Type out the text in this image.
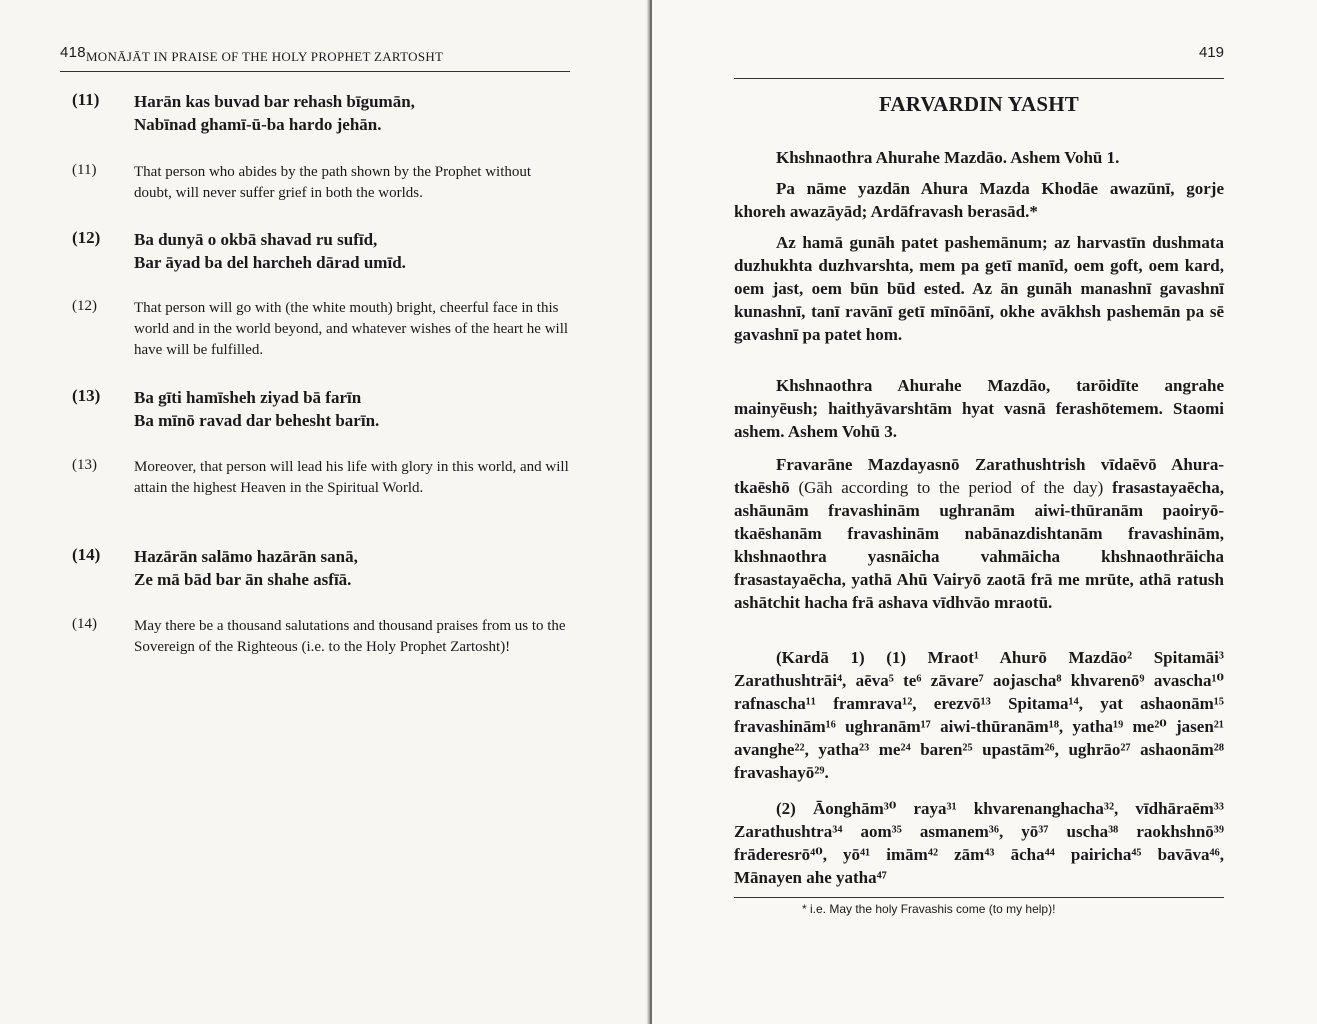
418MONĀJĀT IN PRAISE OF THE HOLY PROPHET ZARTOSHT
(11) Harān kas buvad bar rehash bīgumān,
Nabīnad ghamī-ū-ba hardo jehān.
(11)	That person who abides by the path shown by the Prophet without doubt, will never suffer grief in both the worlds.
(12) Ba dunyā o okbā shavad ru sufīd,
Bar āyad ba del harcheh dārad umīd.
(12) That person will go with (the white mouth) bright, cheerful face in this world and in the world beyond, and whatever wishes of the heart he will have will be fulfilled.
(13) Ba gīti hamīsheh ziyad bā farīn
Ba mīnō ravad dar behesht barīn.
(13) Moreover, that person will lead his life with glory in this world, and will attain the highest Heaven in the Spiritual World.
(14) Hazārān salāmo hazārān sanā,
Ze mā bād bar ān shahe asfīā.
(14) May there be a thousand salutations and thousand praises from us to the Sovereign of the Righteous (i.e. to the Holy Prophet Zartosht)!
419
FARVARDIN YASHT
Khshnaothra Ahurahe Mazdāo. Ashem Vohū 1.
Pa nāme yazdān Ahura Mazda Khodāe awazūnī, gorje khoreh awazāyād; Ardāfravash berasād.*
Az hamā gunāh patet pashemānum; az harvastīn dushmata duzhukhta duzhvarshta, mem pa getī manīd, oem goft, oem kard, oem jast, oem būn būd ested. Az ān gunāh manashnī gavashnī kunashnī, tanī ravānī getī mīnōānī, okhe avākhsh pashemān pa sē gavashnī pa patet hom.
Khshnaothra Ahurahe Mazdāo, tarōidīte angrahe mainyēush; haithyāvarshtām hyat vasnā ferashōtemem. Staomi ashem. Ashem Vohū 3.
Fravarāne Mazdayasnō Zarathushtrish vīdaēvō Ahura-tkaēshō (Gāh according to the period of the day) frasastayaēcha, ashāunām fravashinām ughranām aiwi-thūranām paoiryō-tkaēshanām fravashinām nabānazdishtanām fravashinām, khshnaothra yasnāicha vahmāicha khshnaothrāicha frasastayaēcha, yathā Ahū Vairyō zaotā frā me mrūte, athā ratush ashātchit hacha frā ashava vīdhvāo mraotū.
(Kardā 1) (1) Mraot¹ Ahurō Mazdāo² Spitamāi³ Zarathushtrāi⁴, aēva⁵ te⁶ zāvare⁷ aojascha⁸ khvarenō⁹ avascha¹⁰ rafnascha¹¹ framrava¹², erezvō¹³ Spitama¹⁴, yat ashaonām¹⁵ fravashinām¹⁶ ughranām¹⁷ aiwi-thūranām¹⁸, yatha¹⁹ me²⁰ jasen²¹ avanghe²², yatha²³ me²⁴ baren²⁵ upastām²⁶, ughrāo²⁷ ashaonām²⁸ fravashayō²⁹.
(2) Āonghām³⁰ raya³¹ khvarenanghacha³², vīdhāraēm³³ Zarathushtra³⁴ aom³⁵ asmanem³⁶, yō³⁷ uscha³⁸ raokhshnō³⁹ frāderesrō⁴⁰, yō⁴¹ imām⁴² zām⁴³ ācha⁴⁴ pairicha⁴⁵ bavāva⁴⁶, Mānayen ahe yatha⁴⁷
* i.e. May the holy Fravashis come (to my help)!
